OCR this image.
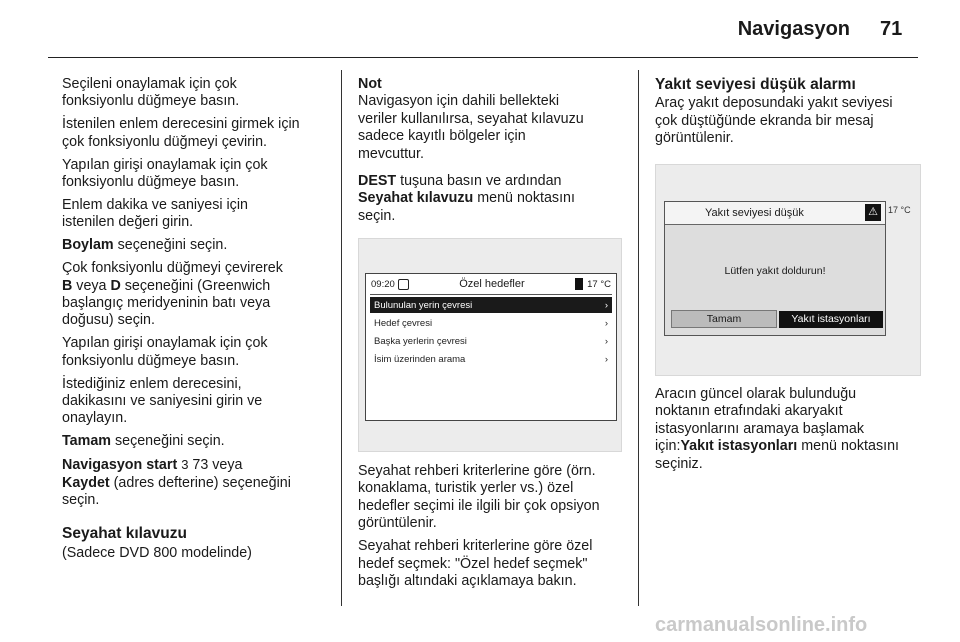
Navigasyon 71

Seçileni onaylamak için çok
fonksiyonlu düğmeye basın.

İstenilen enlem derecesini girmek için
çok fonksiyonlu düğmeyi çevirin.

Yapılan girişi onaylamak için çok
fonksiyonlu düğmeye basın.

Enlem dakika ve saniyesi için
istenilen değeri girin.

Boylam seçeneğini seçin.

Çok fonksiyonlu düğmeyi çevirerek
B veya D seçeneğini (Greenwich
başlangıç meridyeninin batı veya
doğusu) seçin.

Yapılan girişi onaylamak için çok
fonksiyonlu düğmeye basın.

İstediğiniz enlem derecesini,
dakikasını ve saniyesini girin ve
onaylayın.

Tamam seçeneğini seçin.

Navigasyon start 3 73 veya

Kaydet (adres defterine) seçeneğini
seçin.

Seyahat kılavuzu
(Sadece DVD 800 modelinde)
Not

Navigasyon için dahili bellekteki
veriler kullanılırsa, seyahat kılavuzu
sadece kayıtlı bölgeler için
mevcuttur.

DEST tuşuna basın ve ardından

Seyahat kılavuzu menü noktasını
seçin.

09:20	Özel hedefler	17 °C
Bulunulan yerin çevresi	›
Hedef çevresi	›
Başka yerlerin çevresi	›
İsim üzerinden arama	›

Seyahat rehberi kriterlerine göre (örn.
konaklama, turistik yerler vs.) özel
hedefler seçimi ile ilgili bir çok opsiyon
görüntülenir.

Seyahat rehberi kriterlerine göre özel
hedef seçmek: "Özel hedef seçmek"
başlığı altındaki açıklamaya bakın.

Yakıt seviyesi düşük alarmı

Araç yakıt deposundaki yakıt seviyesi
çok düştüğünde ekranda bir mesaj
görüntülenir.

Yakıt seviyesi düşük	⚠
Lütfen yakıt doldurun!
Tamam	Yakıt istasyonları
17 °C

Aracın güncel olarak bulunduğu
noktanın etrafındaki akaryakıt
istasyonlarını aramaya başlamak
için:Yakıt istasyonları menü noktasını
seçiniz.

carmanualsonline.info
